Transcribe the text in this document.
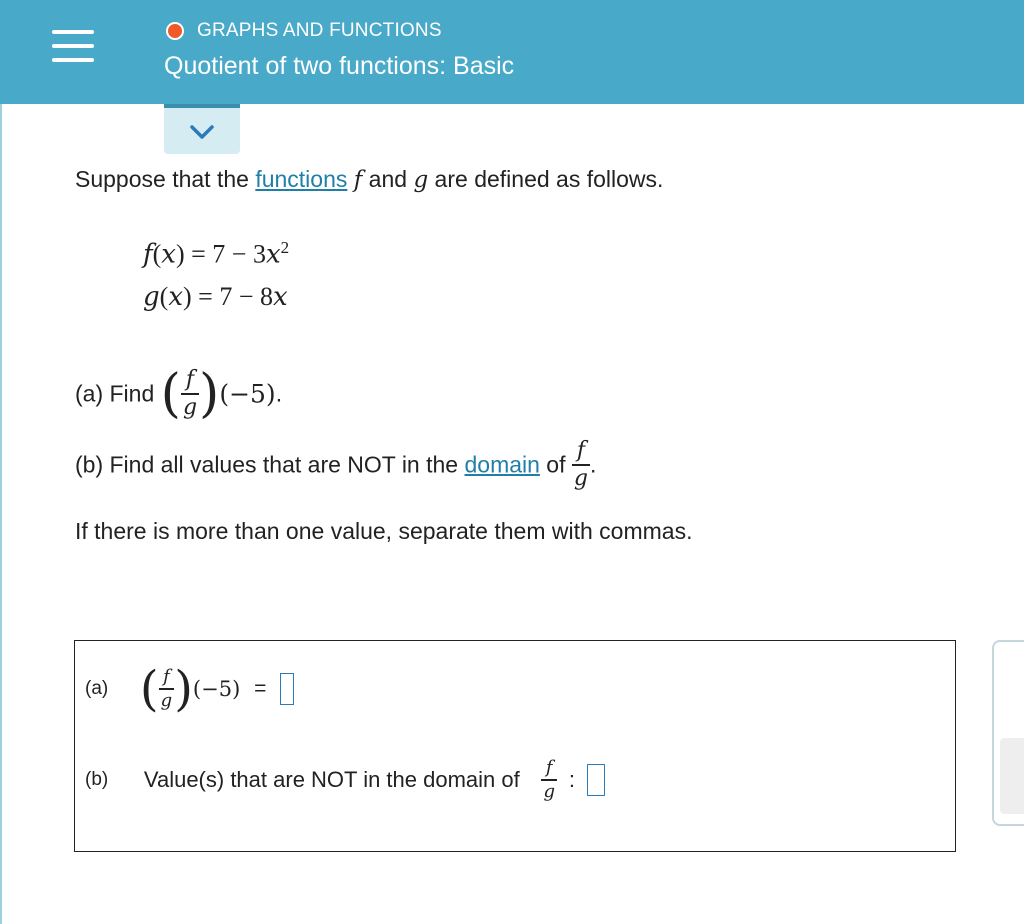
GRAPHS AND FUNCTIONS
Quotient of two functions: Basic
Suppose that the functions f and g are defined as follows.
$f(x) = 7 - 3x^2$
g(x) = 7 − 8x
(a) Find ( $\frac{f}{g} )(-5)$.
(b) Find all values that are NOT in the domain of $\frac{f}{g}$ .
If there is more than one value, separate them with commas.
(a) ( $\frac{f}{g} )(-5)$ =
(b) Value(s) that are NOT in the domain of $\frac{f}{g}$ :
